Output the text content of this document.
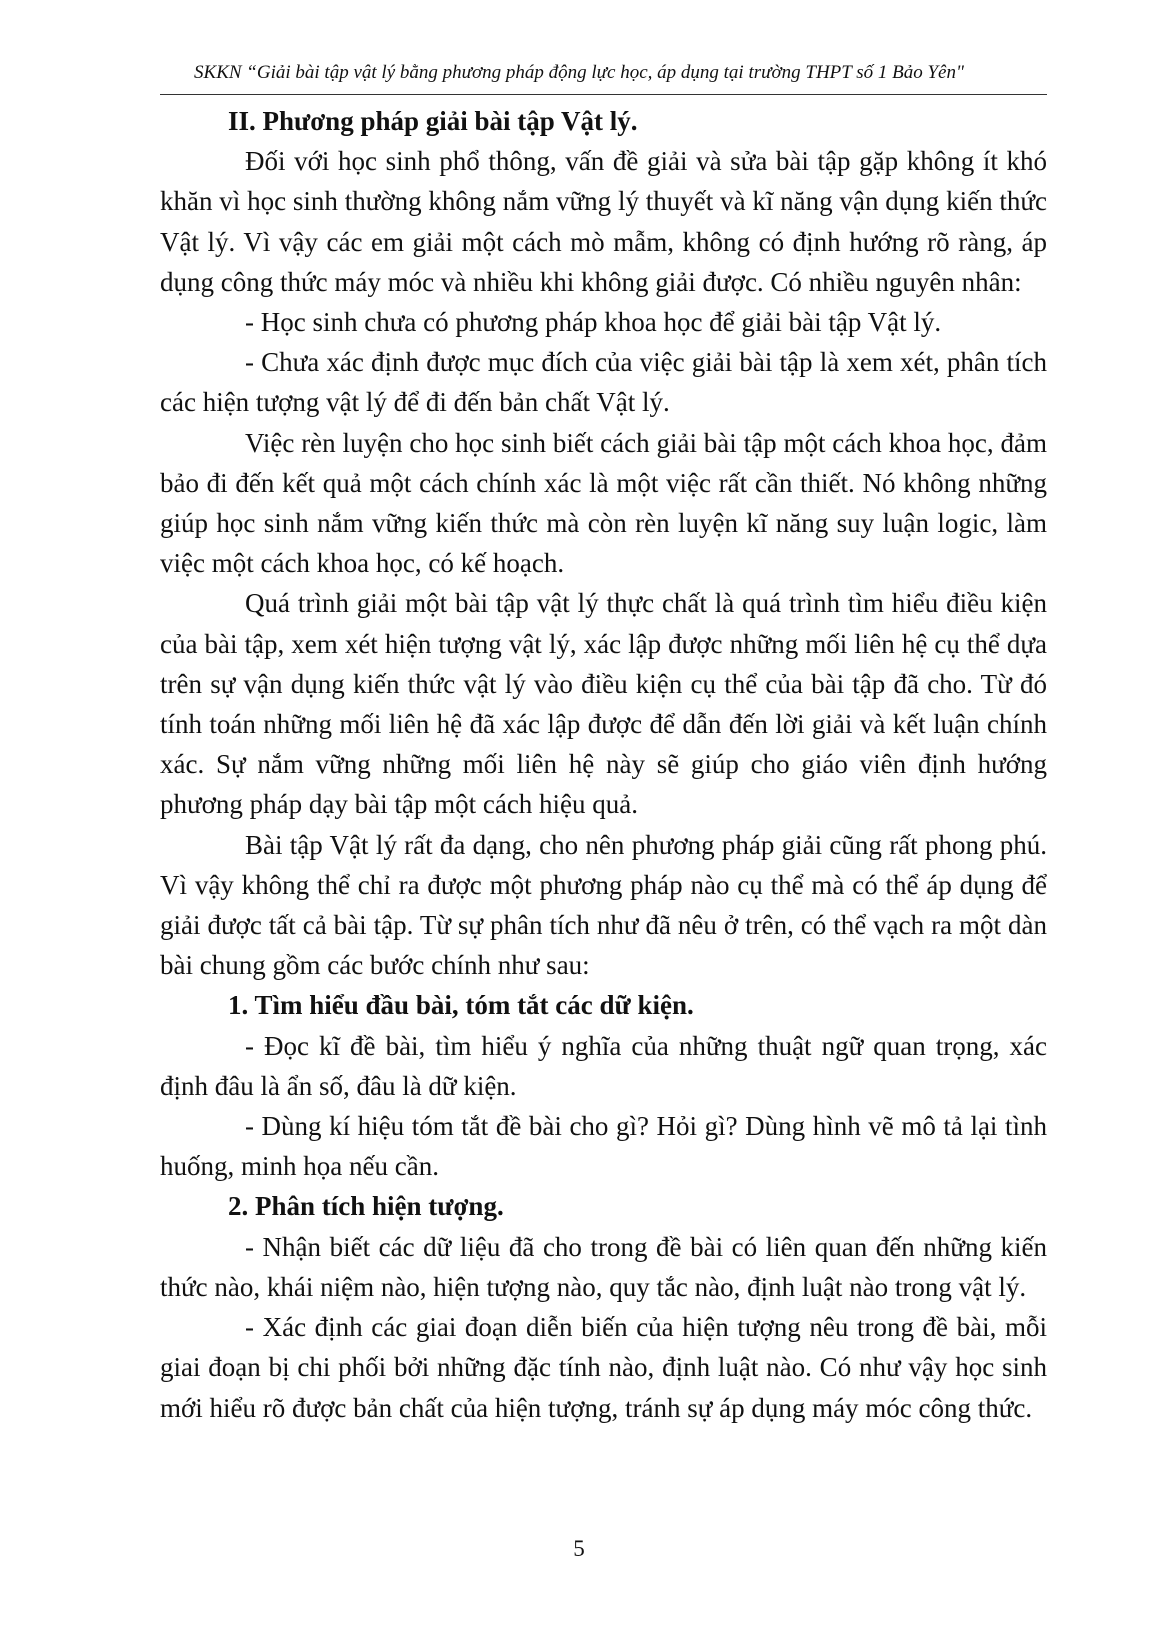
SKKN “Giải bài tập vật lý bằng phương pháp động lực học, áp dụng tại trường THPT số 1 Bảo Yên"

II. Phương pháp giải bài tập Vật lý.

Đối với học sinh phổ thông, vấn đề giải và sửa bài tập gặp không ít khó khăn vì học sinh thường không nắm vững lý thuyết và kĩ năng vận dụng kiến thức Vật lý. Vì vậy các em giải một cách mò mẫm, không có định hướng rõ ràng, áp dụng công thức máy móc và nhiều khi không giải được. Có nhiều nguyên nhân:

- Học sinh chưa có phương pháp khoa học để giải bài tập Vật lý.

- Chưa xác định được mục đích của việc giải bài tập là xem xét, phân tích các hiện tượng vật lý để đi đến bản chất Vật lý.

Việc rèn luyện cho học sinh biết cách giải bài tập một cách khoa học, đảm bảo đi đến kết quả một cách chính xác là một việc rất cần thiết. Nó không những giúp học sinh nắm vững kiến thức mà còn rèn luyện kĩ năng suy luận logic, làm việc một cách khoa học, có kế hoạch.

Quá trình giải một bài tập vật lý thực chất là quá trình tìm hiểu điều kiện của bài tập, xem xét hiện tượng vật lý, xác lập được những mối liên hệ cụ thể dựa trên sự vận dụng kiến thức vật lý vào điều kiện cụ thể của bài tập đã cho. Từ đó tính toán những mối liên hệ đã xác lập được để dẫn đến lời giải và kết luận chính xác. Sự nắm vững những mối liên hệ này sẽ giúp cho giáo viên định hướng phương pháp dạy bài tập một cách hiệu quả.

Bài tập Vật lý rất đa dạng, cho nên phương pháp giải cũng rất phong phú. Vì vậy không thể chỉ ra được một phương pháp nào cụ thể mà có thể áp dụng để giải được tất cả bài tập. Từ sự phân tích như đã nêu ở trên, có thể vạch ra một dàn bài chung gồm các bước chính như sau:

1. Tìm hiểu đầu bài, tóm tắt các dữ kiện.

- Đọc kĩ đề bài, tìm hiểu ý nghĩa của những thuật ngữ quan trọng, xác định đâu là ẩn số, đâu là dữ kiện.

- Dùng kí hiệu tóm tắt đề bài cho gì? Hỏi gì? Dùng hình vẽ mô tả lại tình huống, minh họa nếu cần.

2. Phân tích hiện tượng.

- Nhận biết các dữ liệu đã cho trong đề bài có liên quan đến những kiến thức nào, khái niệm nào, hiện tượng nào, quy tắc nào, định luật nào trong vật lý.

- Xác định các giai đoạn diễn biến của hiện tượng nêu trong đề bài, mỗi giai đoạn bị chi phối bởi những đặc tính nào, định luật nào. Có như vậy học sinh mới hiểu rõ được bản chất của hiện tượng, tránh sự áp dụng máy móc công thức.

5
